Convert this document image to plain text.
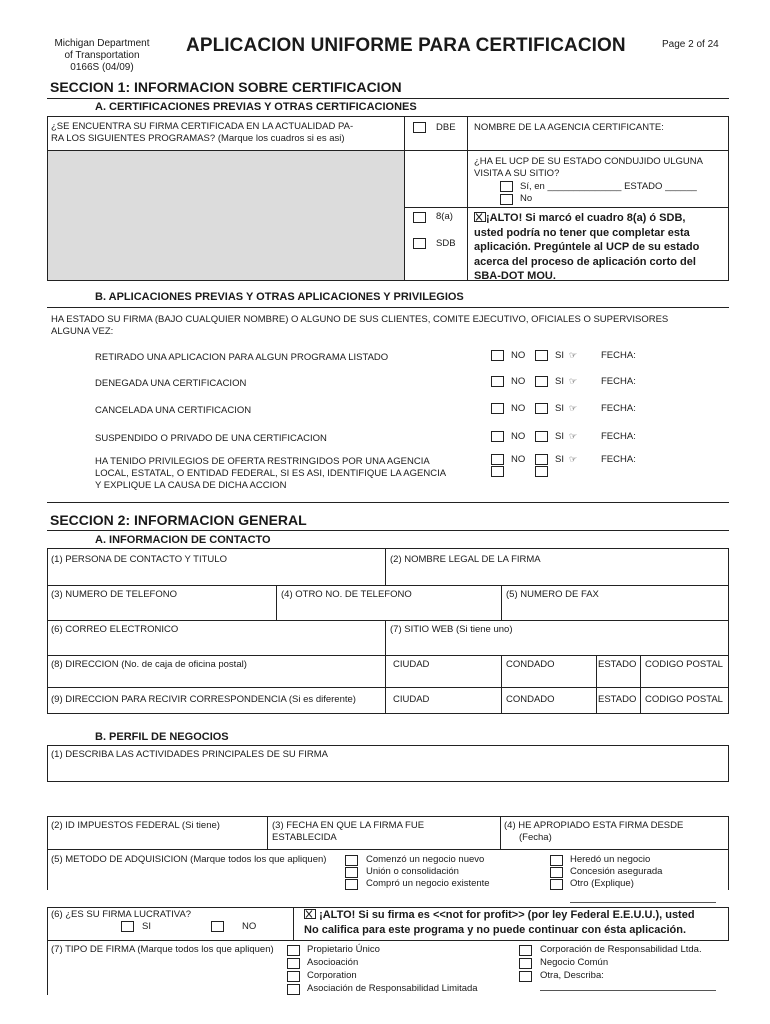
Michigan Department
of Transportation
0166S (04/09)
APLICACION UNIFORME PARA CERTIFICACION	Page 2 of 24
SECCION 1: INFORMACION SOBRE CERTIFICACION
A. CERTIFICACIONES PREVIAS Y OTRAS CERTIFICACIONES
¿SE ENCUENTRA SU FIRMA CERTIFICADA EN LA ACTUALIDAD PA-
RA LOS SIGUIENTES PROGRAMAS? (Marque los cuadros si es asi)
DBE NOMBRE DE LA AGENCIA CERTIFICANTE:
¿HA EL UCP DE SU ESTADO CONDUJIDO ULGUNA
VISITA A SU SITIO?
Sí, en ______________ ESTADO ______
No
8(a)
SDB
¡ALTO! Si marcó el cuadro 8(a) ó SDB,
usted podría no tener que completar esta
aplicación. Pregúntele al UCP de su estado
acerca del proceso de aplicación corto del
SBA-DOT MOU.
B. APLICACIONES PREVIAS Y OTRAS APLICACIONES Y PRIVILEGIOS
HA ESTADO SU FIRMA (BAJO CUALQUIER NOMBRE) O ALGUNO DE SUS CLIENTES, COMITE EJECUTIVO, OFICIALES O SUPERVISORES
ALGUNA VEZ:
RETIRADO UNA APLICACION PARA ALGUN PROGRAMA LISTADO	NO	SI ☞	FECHA:
DENEGADA UNA CERTIFICACION	NO	SI ☞	FECHA:
CANCELADA UNA CERTIFICACION	NO	SI ☞	FECHA:
SUSPENDIDO O PRIVADO DE UNA CERTIFICACION	NO	SI ☞	FECHA:
HA TENIDO PRIVILEGIOS DE OFERTA RESTRINGIDOS POR UNA AGENCIA
LOCAL, ESTATAL, O ENTIDAD FEDERAL, SI ES ASI, IDENTIFIQUE LA AGENCIA
Y EXPLIQUE LA CAUSA DE DICHA ACCION
NO	SI ☞	FECHA:
SECCION 2: INFORMACION GENERAL
A. INFORMACION DE CONTACTO
(1) PERSONA DE CONTACTO Y TITULO	(2) NOMBRE LEGAL DE LA FIRMA
(3) NUMERO DE TELEFONO	(4) OTRO NO. DE TELEFONO	(5) NUMERO DE FAX
(6) CORREO ELECTRONICO	(7) SITIO WEB (Si tiene uno)
(8) DIRECCION (No. de caja de oficina postal)	CIUDAD	CONDADO	ESTADO CODIGO POSTAL
(9) DIRECCION PARA RECIVIR CORRESPONDENCIA (Si es diferente)	CIUDAD	CONDADO	ESTADO CODIGO POSTAL
B. PERFIL DE NEGOCIOS
(1) DESCRIBA LAS ACTIVIDADES PRINCIPALES DE SU FIRMA
(2) ID IMPUESTOS FEDERAL (Si tiene)	(3) FECHA EN QUE LA FIRMA FUE
ESTABLECIDA
(4) HE APROPIADO ESTA FIRMA DESDE
(Fecha)
(5) METODO DE ADQUISICION (Marque todos los que apliquen)	Comenzó un negocio nuevo
Unión o consolidación
Compró un negocio existente
Heredó un negocio
Concesión asegurada
Otro (Explique)
(6) ¿ES SU FIRMA LUCRATIVA?
SI	NO
¡ALTO! Si su firma es <<not for profit>> (por ley Federal E.E.U.U.), usted
No califica para este programa y no puede continuar con ésta aplicación.
(7) TIPO DE FIRMA (Marque todos los que apliquen)	Propietario Único
Asocioación
Corporation
Asociación de Responsabilidad Limitada
Corporación de Responsabilidad Ltda.
Negocio Común
Otra, Describa:
